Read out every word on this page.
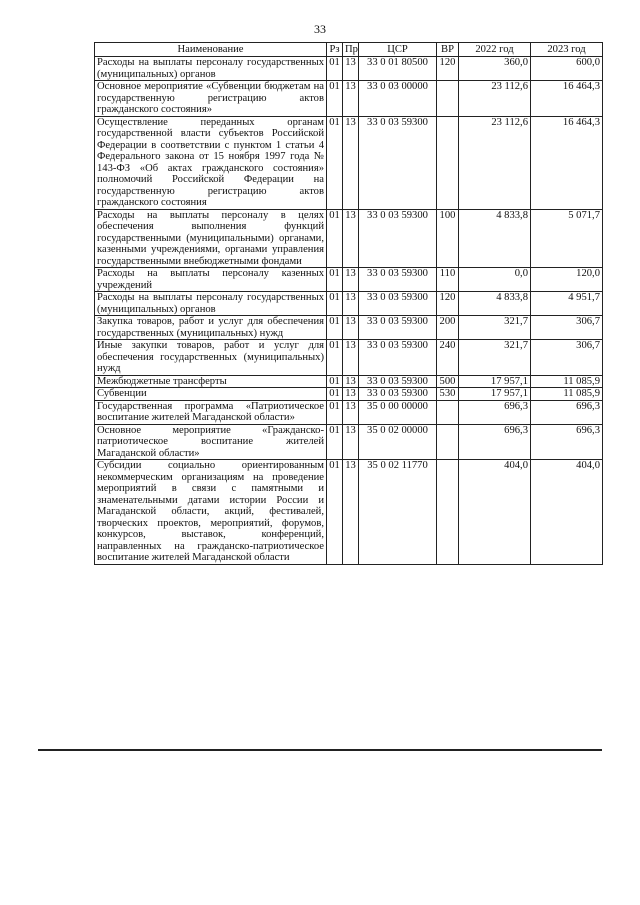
33
Наименование	Рз	Пр	ЦСР	ВР	2022 год	2023 год
Расходы на выплаты персоналу государственных (муниципальных) органов	01	13	33 0 01 80500	120	360,0	600,0
Основное мероприятие «Субвенции бюджетам на государственную регистрацию актов гражданского состояния»	01	13	33 0 03 00000		23 112,6	16 464,3
Осуществление переданных органам государственной власти субъектов Российской Федерации в соответствии с пунктом 1 статьи 4 Федерального закона от 15 ноября 1997 года № 143-ФЗ «Об актах гражданского состояния» полномочий Российской Федерации на государственную регистрацию актов гражданского состояния	01	13	33 0 03 59300		23 112,6	16 464,3
Расходы на выплаты персоналу в целях обеспечения выполнения функций государственными (муниципальными) органами, казенными учреждениями, органами управления государственными внебюджетными фондами	01	13	33 0 03 59300	100	4 833,8	5 071,7
Расходы на выплаты персоналу казенных учреждений	01	13	33 0 03 59300	110	0,0	120,0
Расходы на выплаты персоналу государственных (муниципальных) органов	01	13	33 0 03 59300	120	4 833,8	4 951,7
Закупка товаров, работ и услуг для обеспечения государственных (муниципальных) нужд	01	13	33 0 03 59300	200	321,7	306,7
Иные закупки товаров, работ и услуг для обеспечения государственных (муниципальных) нужд	01	13	33 0 03 59300	240	321,7	306,7
Межбюджетные трансферты	01	13	33 0 03 59300	500	17 957,1	11 085,9
Субвенции	01	13	33 0 03 59300	530	17 957,1	11 085,9
Государственная программа «Патриотическое воспитание жителей Магаданской области»	01	13	35 0 00 00000		696,3	696,3
Основное мероприятие «Гражданско-патриотическое воспитание жителей Магаданской области»	01	13	35 0 02 00000		696,3	696,3
Субсидии социально ориентированным некоммерческим организациям на проведение мероприятий в связи с памятными и знаменательными датами истории России и Магаданской области, акций, фестивалей, творческих проектов, мероприятий, форумов, конкурсов, выставок, конференций, направленных на гражданско-патриотическое воспитание жителей Магаданской области	01	13	35 0 02 11770		404,0	404,0
